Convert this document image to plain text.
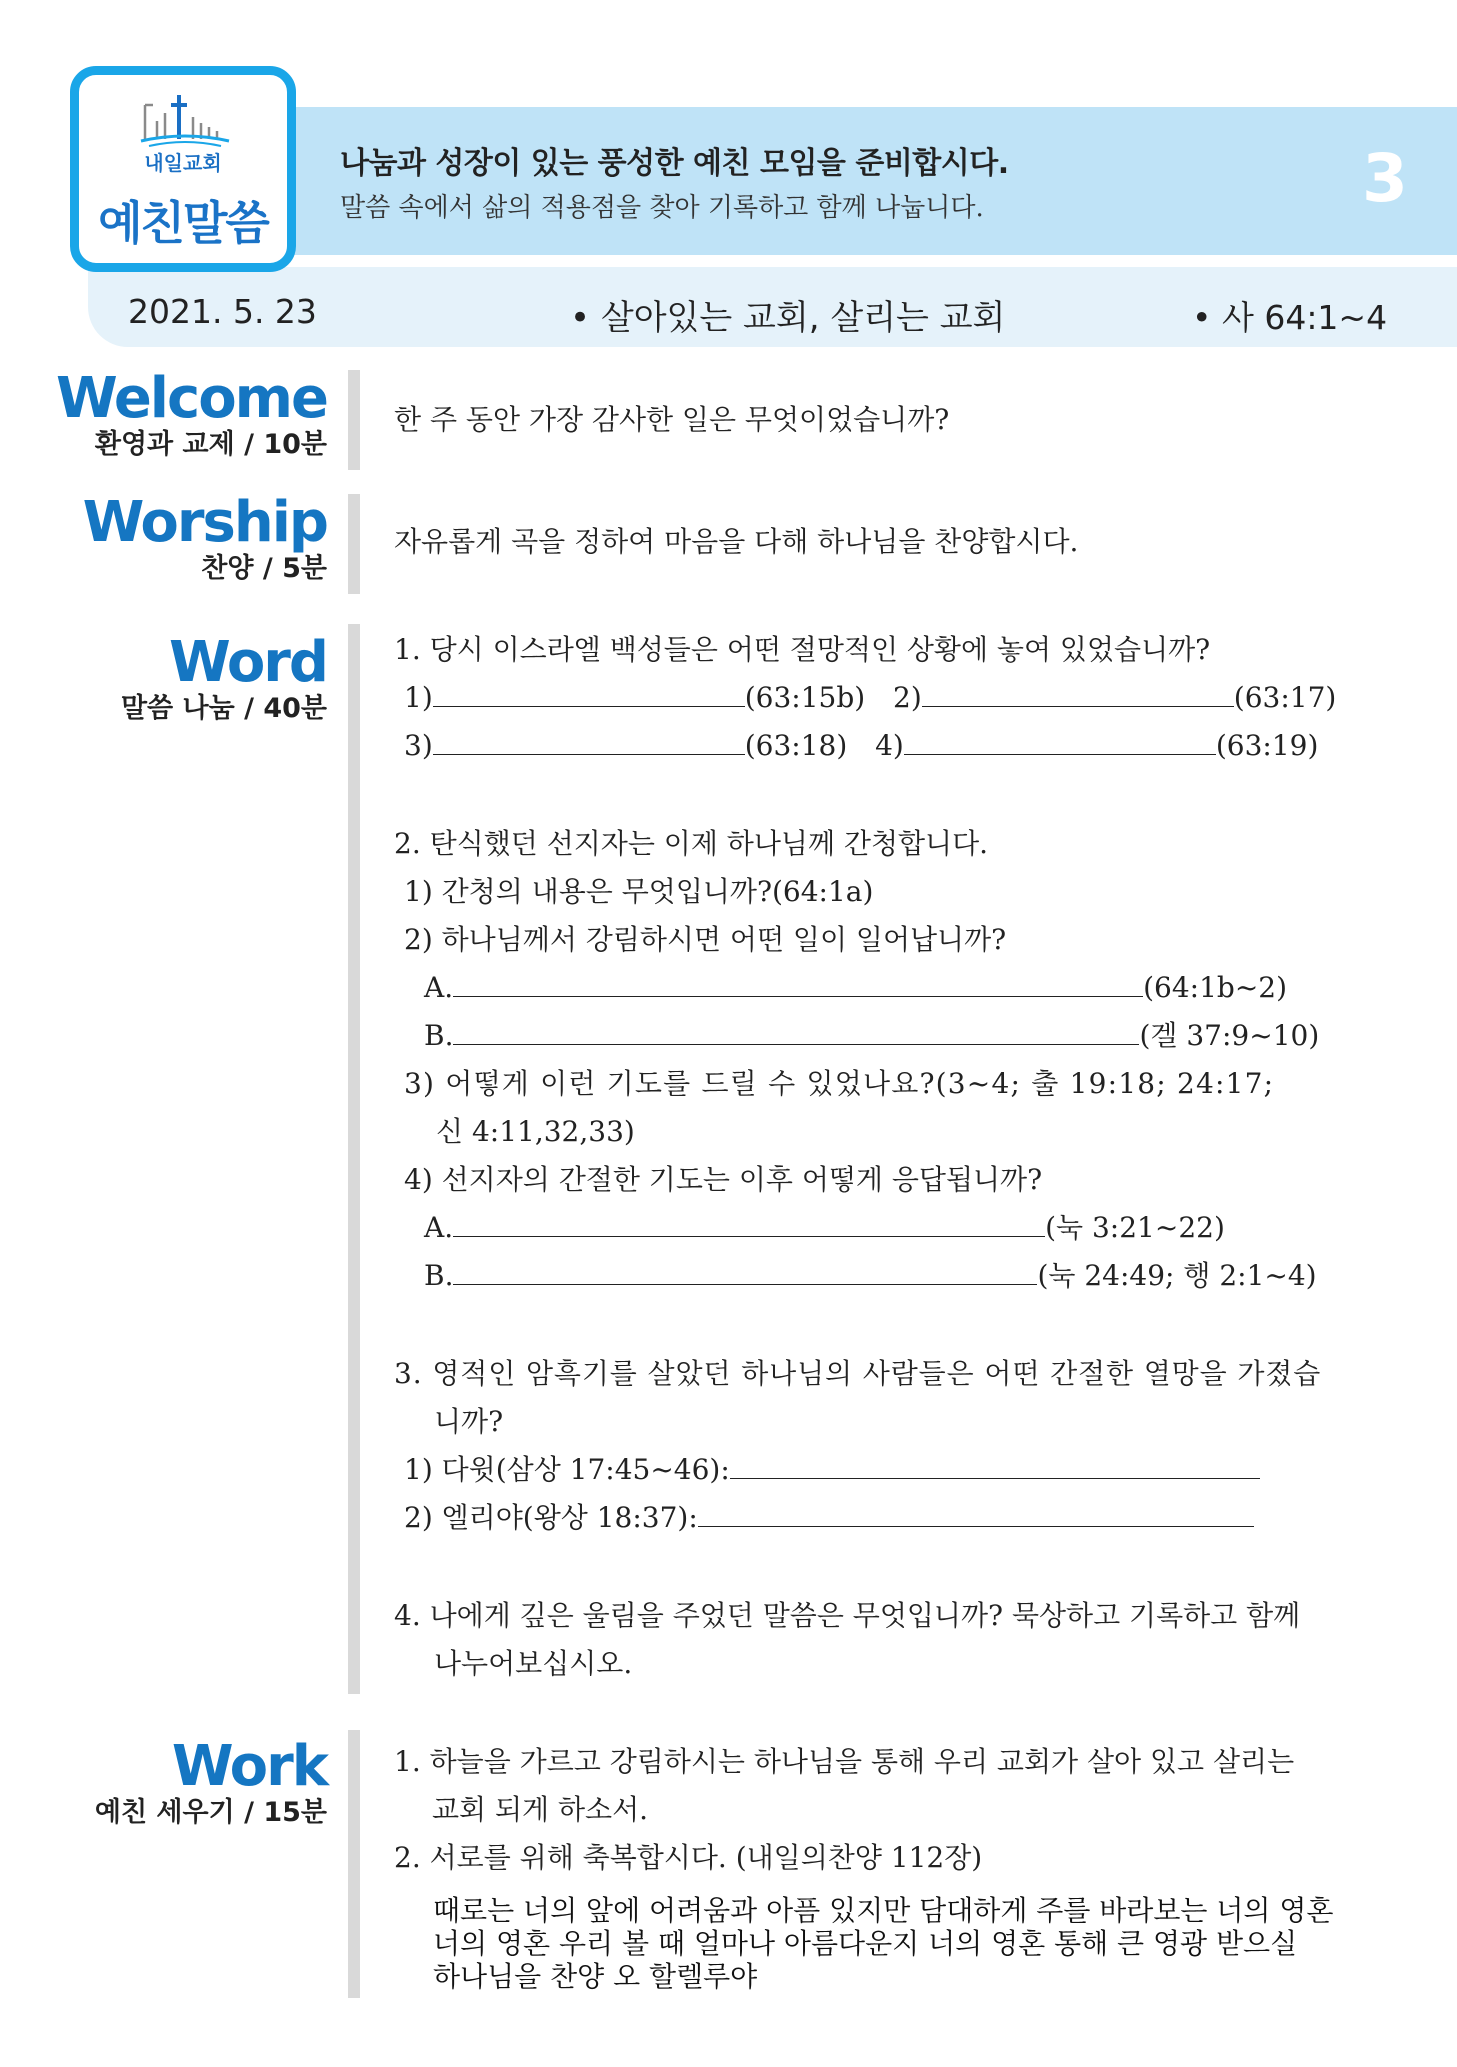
내일교회
예친말씀
나눔과 성장이 있는 풍성한 예친 모임을 준비합시다.
말씀 속에서 삶의 적용점을 찾아 기록하고 함께 나눕니다.	3
2021. 5. 23	• 살아있는 교회, 살리는 교회	• 사 64:1~4
Welcome
환영과 교제 / 10분
한 주 동안 가장 감사한 일은 무엇이었습니까?
Worship
찬양 / 5분
자유롭게 곡을 정하여 마음을 다해 하나님을 찬양합시다.
Word
말씀 나눔 / 40분
1. 당시 이스라엘 백성들은 어떤 절망적인 상황에 놓여 있었습니까?
1)	(63:15b) 2)	(63:17)
3)	(63:18) 4)	(63:19)
2. 탄식했던 선지자는 이제 하나님께 간청합니다.
1) 간청의 내용은 무엇입니까?(64:1a)
2) 하나님께서 강림하시면 어떤 일이 일어납니까?
A.	(64:1b~2)
B.	(겔 37:9~10)
3) 어떻게 이런 기도를 드릴 수 있었나요?(3~4; 출 19:18; 24:17;
신 4:11,32,33)
4) 선지자의 간절한 기도는 이후 어떻게 응답됩니까?
A.	(눅 3:21~22)
B.	(눅 24:49; 행 2:1~4)
3. 영적인 암흑기를 살았던 하나님의 사람들은 어떤 간절한 열망을 가졌습
니까?
1) 다윗(삼상 17:45~46):
2) 엘리야(왕상 18:37):
4. 나에게 깊은 울림을 주었던 말씀은 무엇입니까? 묵상하고 기록하고 함께
나누어보십시오.
Work
예친 세우기 / 15분
1. 하늘을 가르고 강림하시는 하나님을 통해 우리 교회가 살아 있고 살리는
교회 되게 하소서.
2. 서로를 위해 축복합시다. (내일의찬양 112장)
때로는 너의 앞에 어려움과 아픔 있지만 담대하게 주를 바라보는 너의 영혼
너의 영혼 우리 볼 때 얼마나 아름다운지 너의 영혼 통해 큰 영광 받으실
하나님을 찬양 오 할렐루야
